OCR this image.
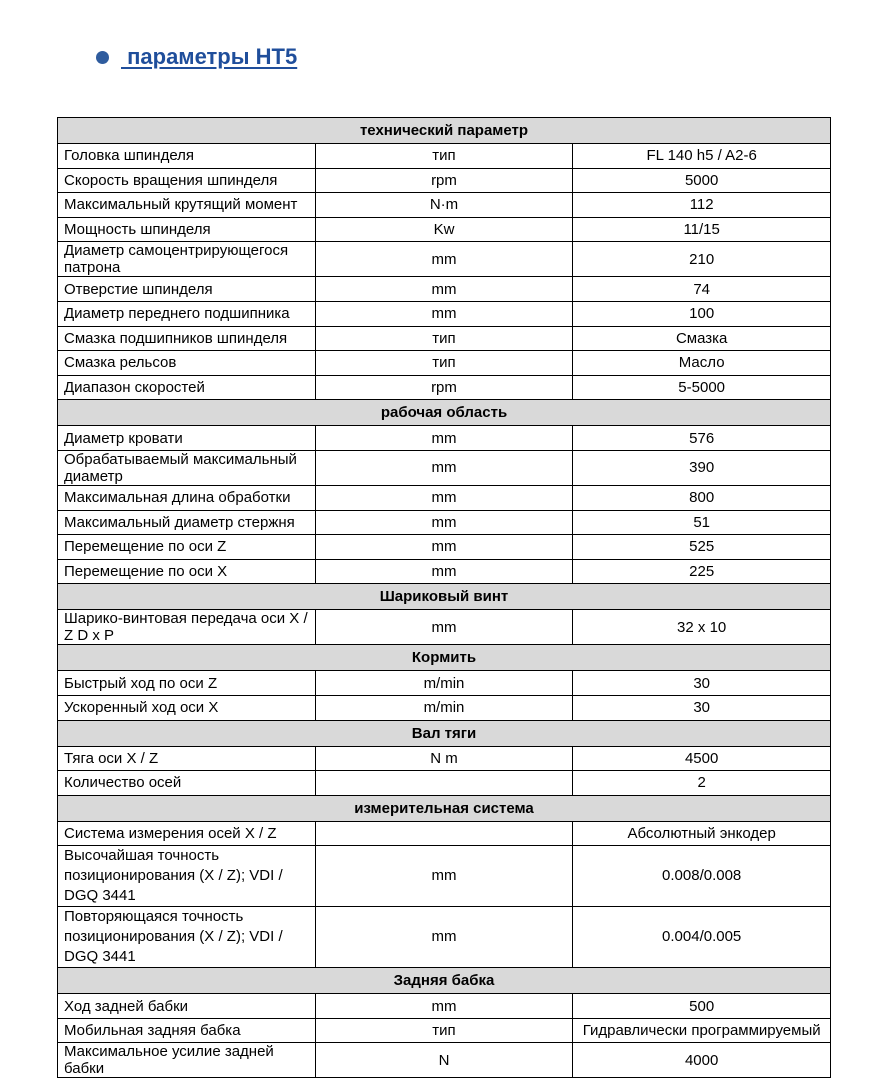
параметры HT5
технический параметр		
Головка шпинделя	тип	FL 140 h5 / A2-6
Скорость вращения шпинделя	rpm	5000
Максимальный крутящий момент	N·m	112
Мощность шпинделя	Kw	11/15
Диаметр самоцентрирующегося патрона	mm	210
Отверстие шпинделя	mm	74
Диаметр переднего подшипника	mm	100
Смазка подшипников шпинделя	тип	Смазка
Смазка рельсов	тип	Масло
Диапазон скоростей	rpm	5-5000
рабочая область		
Диаметр кровати	mm	576
Обрабатываемый максимальный диаметр	mm	390
Максимальная длина обработки	mm	800
Максимальный диаметр стержня	mm	51
Перемещение по оси Z	mm	525
Перемещение по оси X	mm	225
Шариковый винт		
Шарико-винтовая передача оси X / Z D x P	mm	32 x 10
Кормить		
Быстрый ход по оси Z	m/min	30
Ускоренный ход оси X	m/min	30
Вал тяги		
Тяга оси X / Z	N m	4500
Количество осей		2
измерительная система		
Система измерения осей X / Z		Абсолютный энкодер
Высочайшая точность позиционирования (X / Z); VDI / DGQ 3441	mm	0.008/0.008
Повторяющаяся точность позиционирования (X / Z); VDI / DGQ 3441	mm	0.004/0.005
Задняя бабка		
Ход задней бабки	mm	500
Мобильная задняя бабка	тип	Гидравлически программируемый
Максимальное усилие задней бабки	N	4000
